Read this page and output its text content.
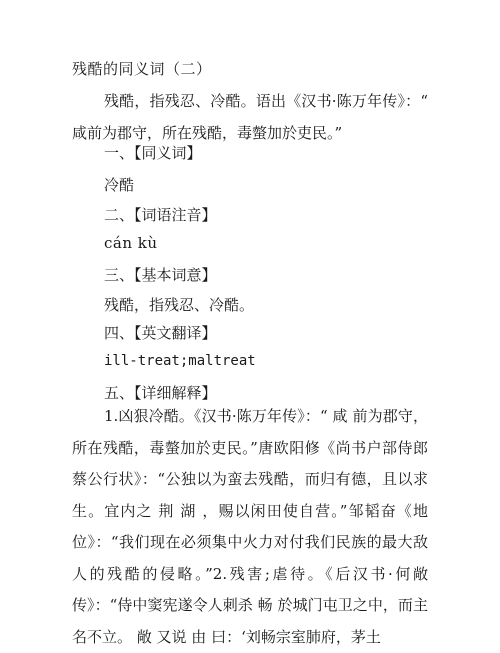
残酷的同义词（二）

残酷，指残忍、冷酷。语出《汉书·陈万年传》：“ 咸前为郡守，所在残酷，毒螫加於吏民。”

一、【同义词】
冷酷
二、【词语注音】
cán kù
三、【基本词意】
残酷，指残忍、冷酷。
四、【英文翻译】
ill-treat;maltreat
五、【详细解释】

1.凶狠冷酷。《汉书·陈万年传》：“ 咸 前为郡守，所在残酷，毒螫加於吏民。”唐欧阳修《尚书户部侍郎蔡公行状》：“公独以为蛮去残酷，而归有德，且以求生。宜内之 荆 湖 ，赐以闲田使自营。”邹韬奋《地位》：“我们现在必须集中火力对付我们民族的最大敌人的残酷的侵略。”2.残害;虐待。《后汉书·何敞传》：“侍中窦宪遂令人刺杀 畅 於城门屯卫之中，而主名不立。 敞 又说 由 曰：‘刘畅宗室肺府，茅土
